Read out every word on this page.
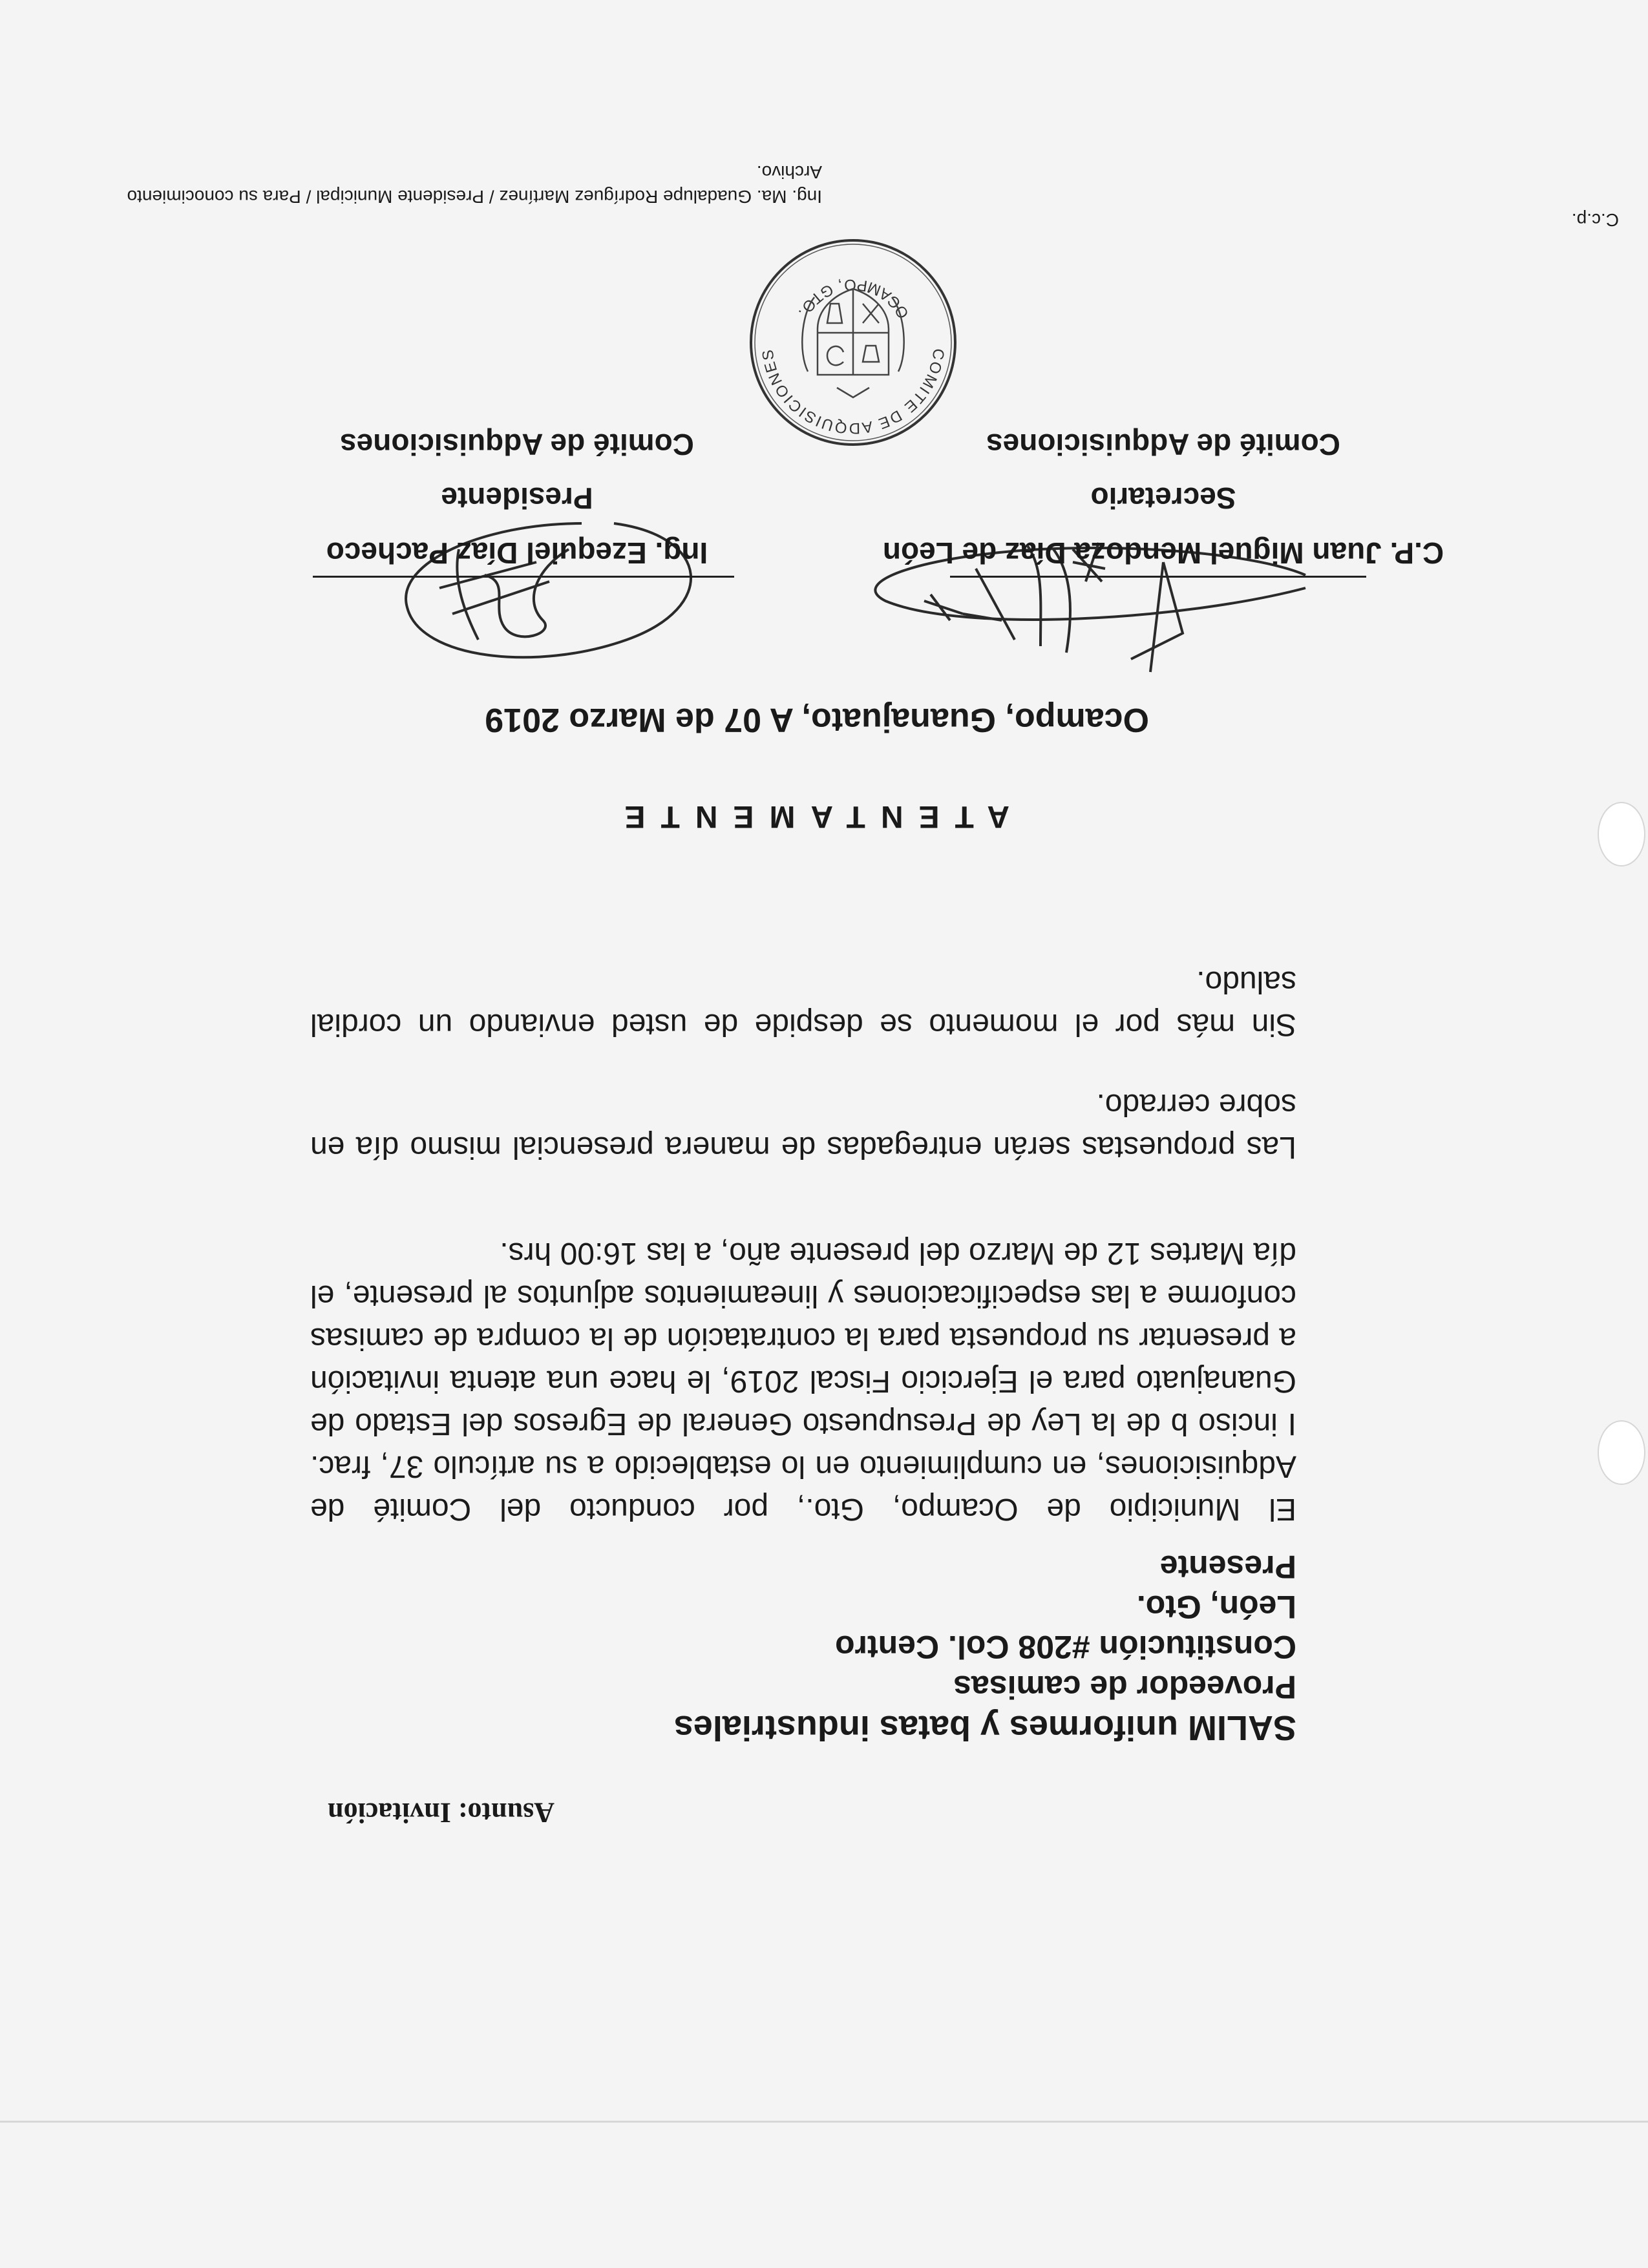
Asunto: Invitación
SALIM uniformes y batas industriales
Proveedor de camisas
Constitución #208 Col. Centro
León, Gto.
Presente
El Municipio de Ocampo, Gto., por conducto del Comité de Adquisiciones, en cumplimiento en lo establecido a su artículo 37, frac. I inciso b de la Ley de Presupuesto General de Egresos del Estado de Guanajuato para el Ejercicio Fiscal 2019, le hace una atenta invitación a presentar su propuesta para la contratación de la compra de camisas conforme a las especificaciones y lineamientos adjuntos al presente, el día Martes 12 de Marzo del presente año, a las 16:00 hrs.
Las propuestas serán entregadas de manera presencial mismo día en sobre cerrado.
Sin más por el momento se despide de usted enviando un cordial saludo.
ATENTAMENTE
Ocampo, Guanajuato, A 07 de Marzo 2019
C.P. Juan Miguel Mendoza Díaz de León
Secretario
Comité de Adquisiciones
Ing. Ezequiel Díaz Pacheco
Presidente
Comité de Adquisiciones
COMITE DE ADQUISICIONES
OCAMPO, GTO.
C.c.p.
Ing. Ma. Guadalupe Rodríguez Martínez / Presidente Municipal / Para su conocimiento
Archivo.
